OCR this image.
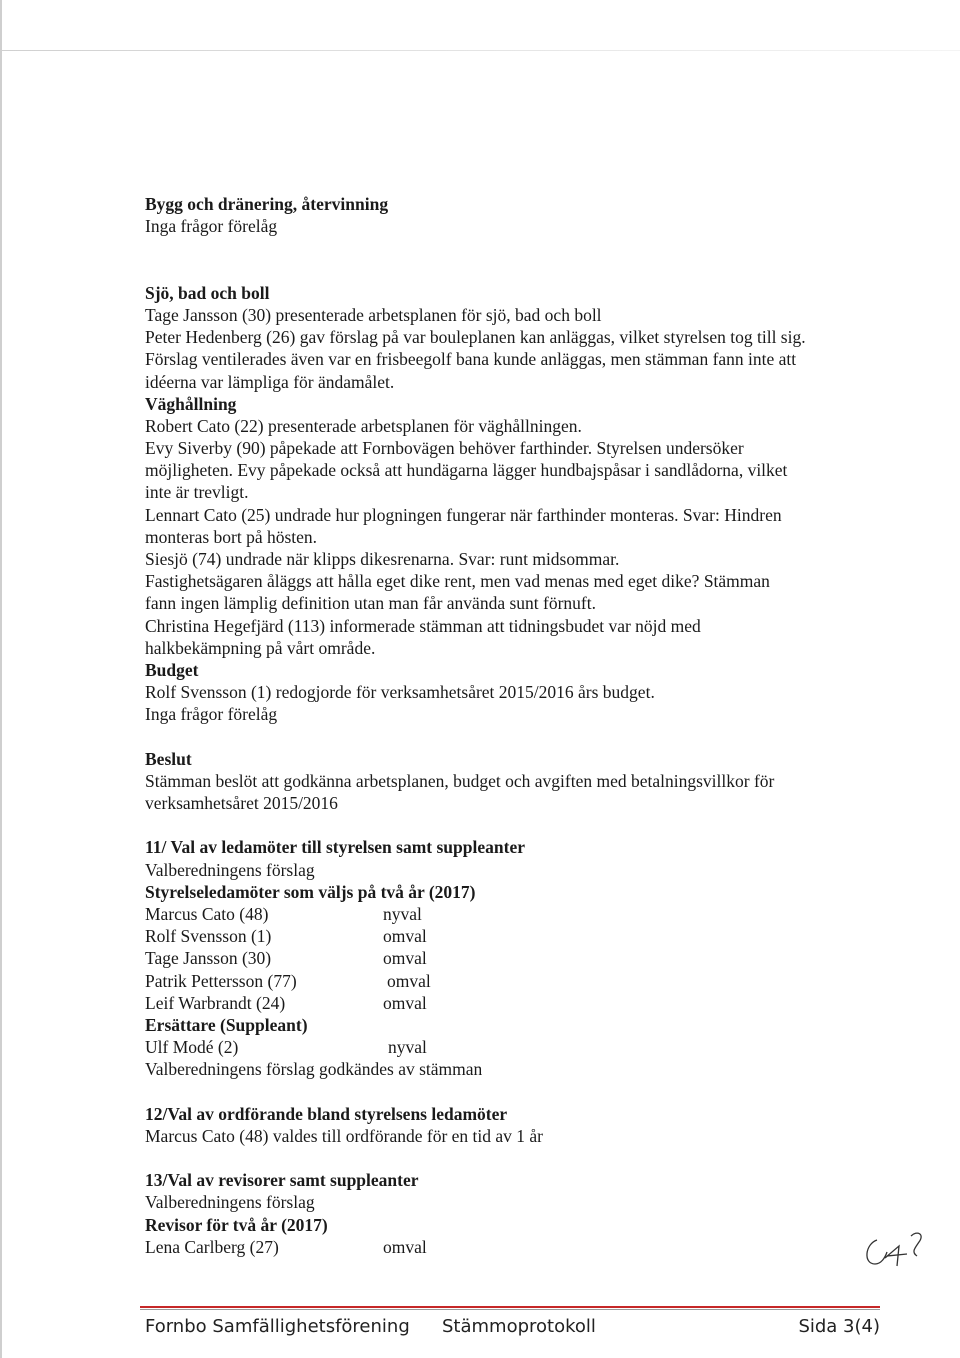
Bygg och dränering, återvinning
Inga frågor förelåg
Sjö, bad och boll
Tage Jansson (30) presenterade arbetsplanen för sjö, bad och boll
Peter Hedenberg (26) gav förslag på var bouleplanen kan anläggas, vilket styrelsen tog till sig.
Förslag ventilerades även var en frisbeegolf bana kunde anläggas, men stämman fann inte att
idéerna var lämpliga för ändamålet.
Väghållning
Robert Cato (22) presenterade arbetsplanen för väghållningen.
Evy Siverby (90) påpekade att Fornbovägen behöver farthinder. Styrelsen undersöker
möjligheten. Evy påpekade också att hundägarna lägger hundbajspåsar i sandlådorna, vilket
inte är trevligt.
Lennart Cato (25) undrade hur plogningen fungerar när farthinder monteras. Svar: Hindren
monteras bort på hösten.
Siesjö (74) undrade när klipps dikesrenarna. Svar: runt midsommar.
Fastighetsägaren åläggs att hålla eget dike rent, men vad menas med eget dike? Stämman
fann ingen lämplig definition utan man får använda sunt förnuft.
Christina Hegefjärd (113) informerade stämman att tidningsbudet var nöjd med
halkbekämpning på vårt område.
Budget
Rolf Svensson (1) redogjorde för verksamhetsåret 2015/2016 års budget.
Inga frågor förelåg
Beslut
Stämman beslöt att godkänna arbetsplanen, budget och avgiften med betalningsvillkor för
verksamhetsåret 2015/2016
11/ Val av ledamöter till styrelsen samt suppleanter
Valberedningens förslag
Styrelseledamöter som väljs på två år (2017)
Marcus Cato (48)	nyval
Rolf Svensson (1)	omval
Tage Jansson (30)	omval
Patrik Pettersson (77)	omval
Leif Warbrandt (24)	omval
Ersättare (Suppleant)
Ulf Modé (2)	nyval
Valberedningens förslag godkändes av stämman
12/Val av ordförande bland styrelsens ledamöter
Marcus Cato (48) valdes till ordförande för en tid av 1 år
13/Val av revisorer samt suppleanter
Valberedningens förslag
Revisor för två år (2017)
Lena Carlberg (27)	omval
Fornbo Samfällighetsförening Stämmoprotokoll	Sida 3(4)
